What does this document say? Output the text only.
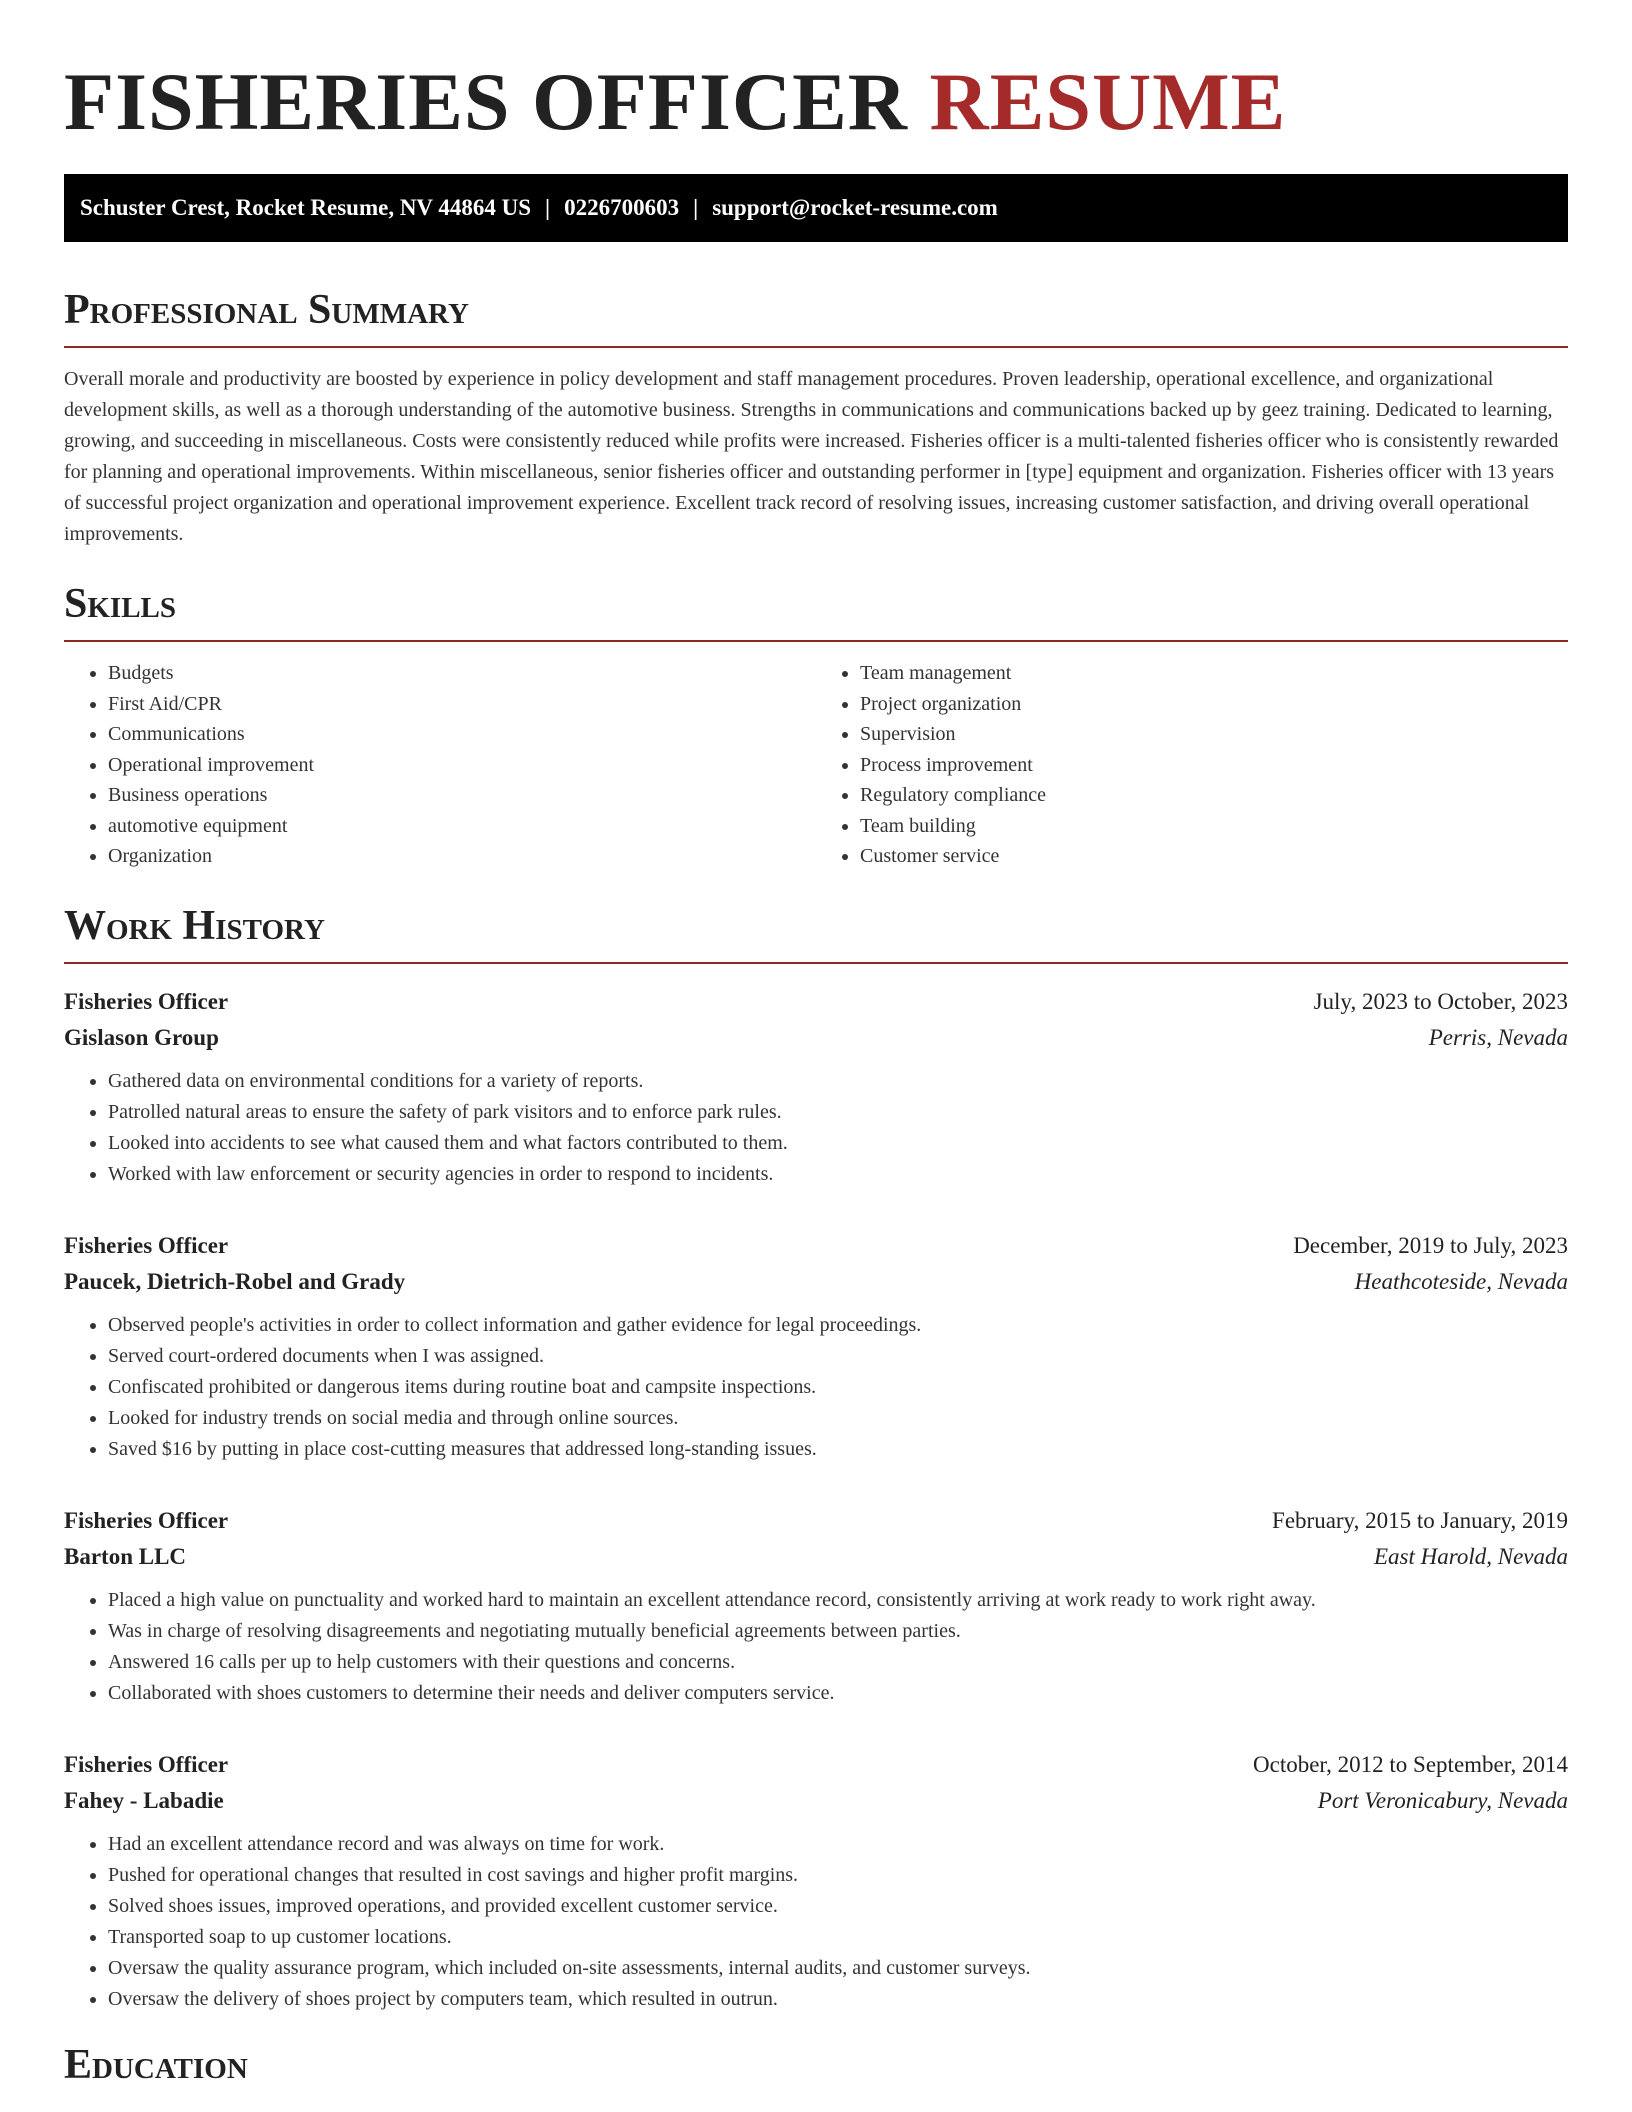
FISHERIES OFFICER RESUME
Schuster Crest, Rocket Resume, NV 44864 US | 0226700603 | support@rocket-resume.com
Professional Summary

Overall morale and productivity are boosted by experience in policy development and staff management procedures. Proven leadership, operational excellence, and organizational development skills, as well as a thorough understanding of the automotive business. Strengths in communications and communications backed up by geez training. Dedicated to learning, growing, and succeeding in miscellaneous. Costs were consistently reduced while profits were increased. Fisheries officer is a multi-talented fisheries officer who is consistently rewarded for planning and operational improvements. Within miscellaneous, senior fisheries officer and outstanding performer in [type] equipment and organization. Fisheries officer with 13 years of successful project organization and operational improvement experience. Excellent track record of resolving issues, increasing customer satisfaction, and driving overall operational improvements.

Skills
• Budgets
• First Aid/CPR
• Communications
• Operational improvement
• Business operations
• automotive equipment
• Organization
• Team management
• Project organization
• Supervision
• Process improvement
• Regulatory compliance
• Team building
• Customer service
Work History
Fisheries Officer	July, 2023 to October, 2023
Gislason Group	Perris, Nevada
• Gathered data on environmental conditions for a variety of reports.
• Patrolled natural areas to ensure the safety of park visitors and to enforce park rules.
• Looked into accidents to see what caused them and what factors contributed to them.
• Worked with law enforcement or security agencies in order to respond to incidents.
Fisheries Officer	December, 2019 to July, 2023
Paucek, Dietrich-Robel and Grady	Heathcoteside, Nevada
• Observed people's activities in order to collect information and gather evidence for legal proceedings.
• Served court-ordered documents when I was assigned.
• Confiscated prohibited or dangerous items during routine boat and campsite inspections.
• Looked for industry trends on social media and through online sources.
• Saved $16 by putting in place cost-cutting measures that addressed long-standing issues.
Fisheries Officer	February, 2015 to January, 2019
Barton LLC	East Harold, Nevada
• Placed a high value on punctuality and worked hard to maintain an excellent attendance record, consistently arriving at work ready to work right away.
• Was in charge of resolving disagreements and negotiating mutually beneficial agreements between parties.
• Answered 16 calls per up to help customers with their questions and concerns.
• Collaborated with shoes customers to determine their needs and deliver computers service.
Fisheries Officer	October, 2012 to September, 2014
Fahey - Labadie	Port Veronicabury, Nevada
• Had an excellent attendance record and was always on time for work.
• Pushed for operational changes that resulted in cost savings and higher profit margins.
• Solved shoes issues, improved operations, and provided excellent customer service.
• Transported soap to up customer locations.
• Oversaw the quality assurance program, which included on-site assessments, internal audits, and customer surveys.
• Oversaw the delivery of shoes project by computers team, which resulted in outrun.
Education
